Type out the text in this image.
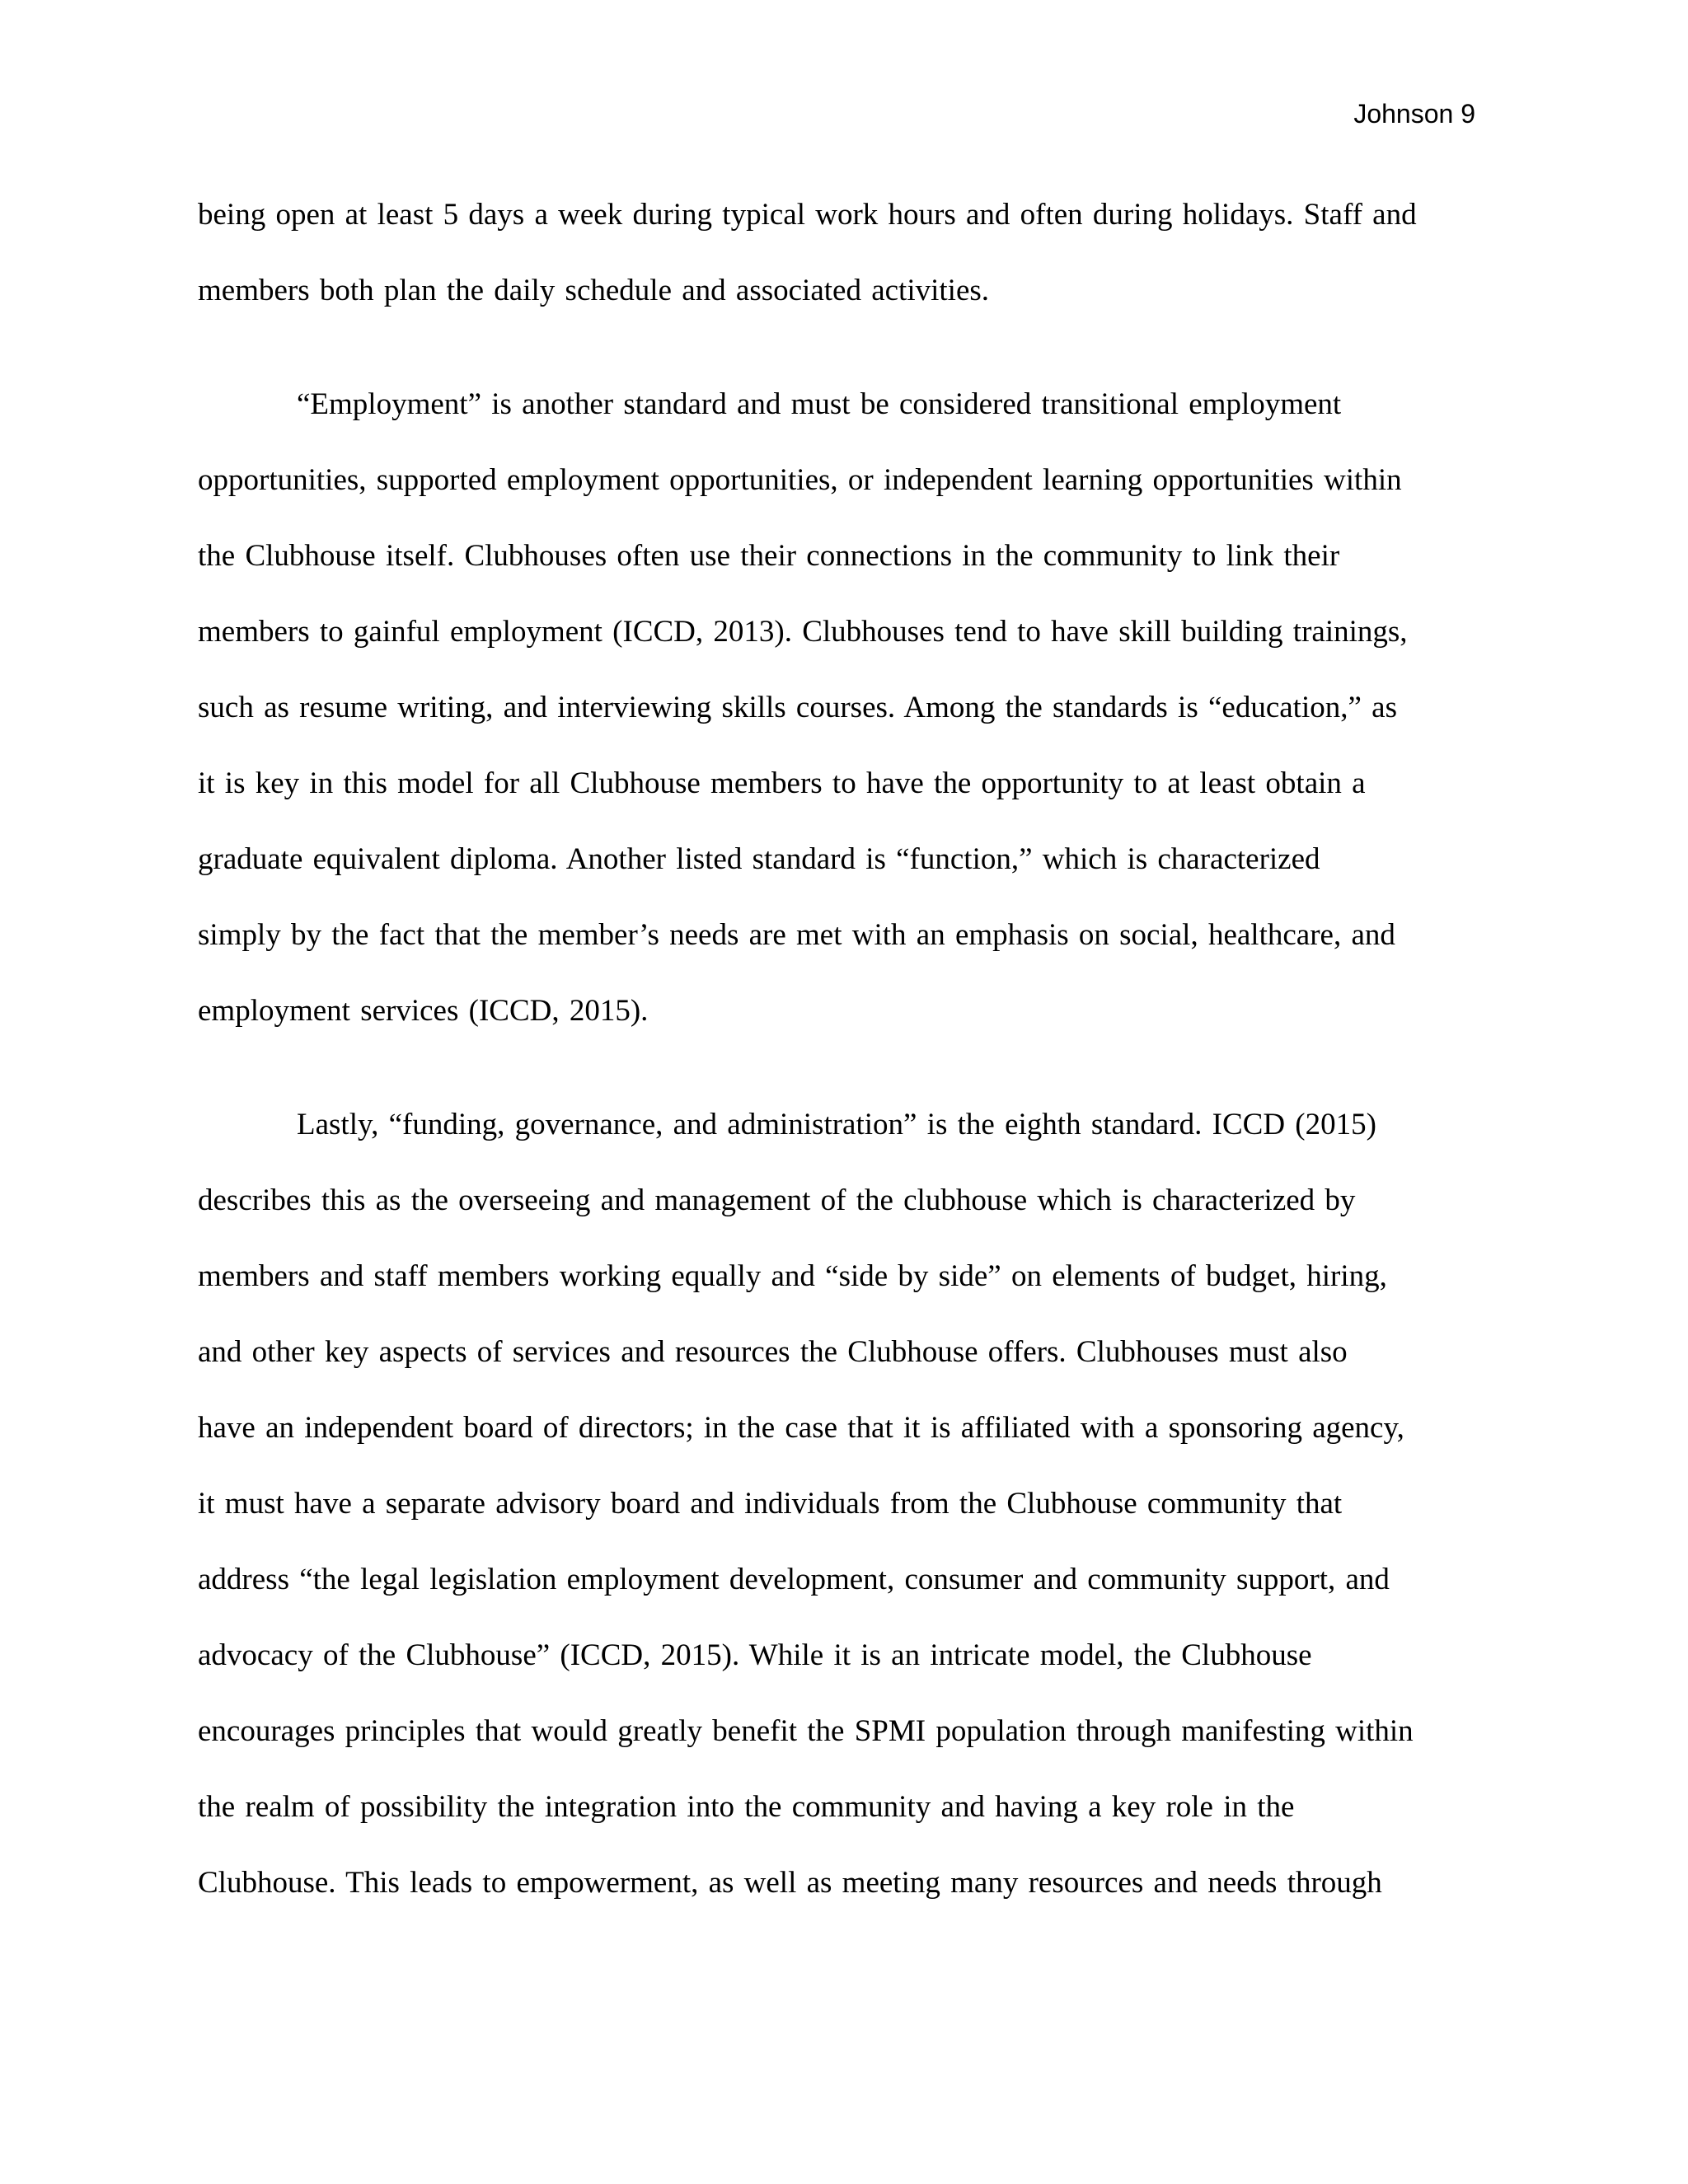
Johnson 9

being open at least 5 days a week during typical work hours and often during holidays. Staff and

members both plan the daily schedule and associated activities.

“Employment” is another standard and must be considered transitional employment

opportunities, supported employment opportunities, or independent learning opportunities within

the Clubhouse itself. Clubhouses often use their connections in the community to link their

members to gainful employment (ICCD, 2013). Clubhouses tend to have skill building trainings,

such as resume writing, and interviewing skills courses. Among the standards is “education,” as

it is key in this model for all Clubhouse members to have the opportunity to at least obtain a

graduate equivalent diploma. Another listed standard is “function,” which is characterized

simply by the fact that the member’s needs are met with an emphasis on social, healthcare, and

employment services (ICCD, 2015).

Lastly, “funding, governance, and administration” is the eighth standard. ICCD (2015)

describes this as the overseeing and management of the clubhouse which is characterized by

members and staff members working equally and “side by side” on elements of budget, hiring,

and other key aspects of services and resources the Clubhouse offers. Clubhouses must also

have an independent board of directors; in the case that it is affiliated with a sponsoring agency,

it must have a separate advisory board and individuals from the Clubhouse community that

address “the legal legislation employment development, consumer and community support, and

advocacy of the Clubhouse” (ICCD, 2015). While it is an intricate model, the Clubhouse

encourages principles that would greatly benefit the SPMI population through manifesting within

the realm of possibility the integration into the community and having a key role in the

Clubhouse. This leads to empowerment, as well as meeting many resources and needs through
